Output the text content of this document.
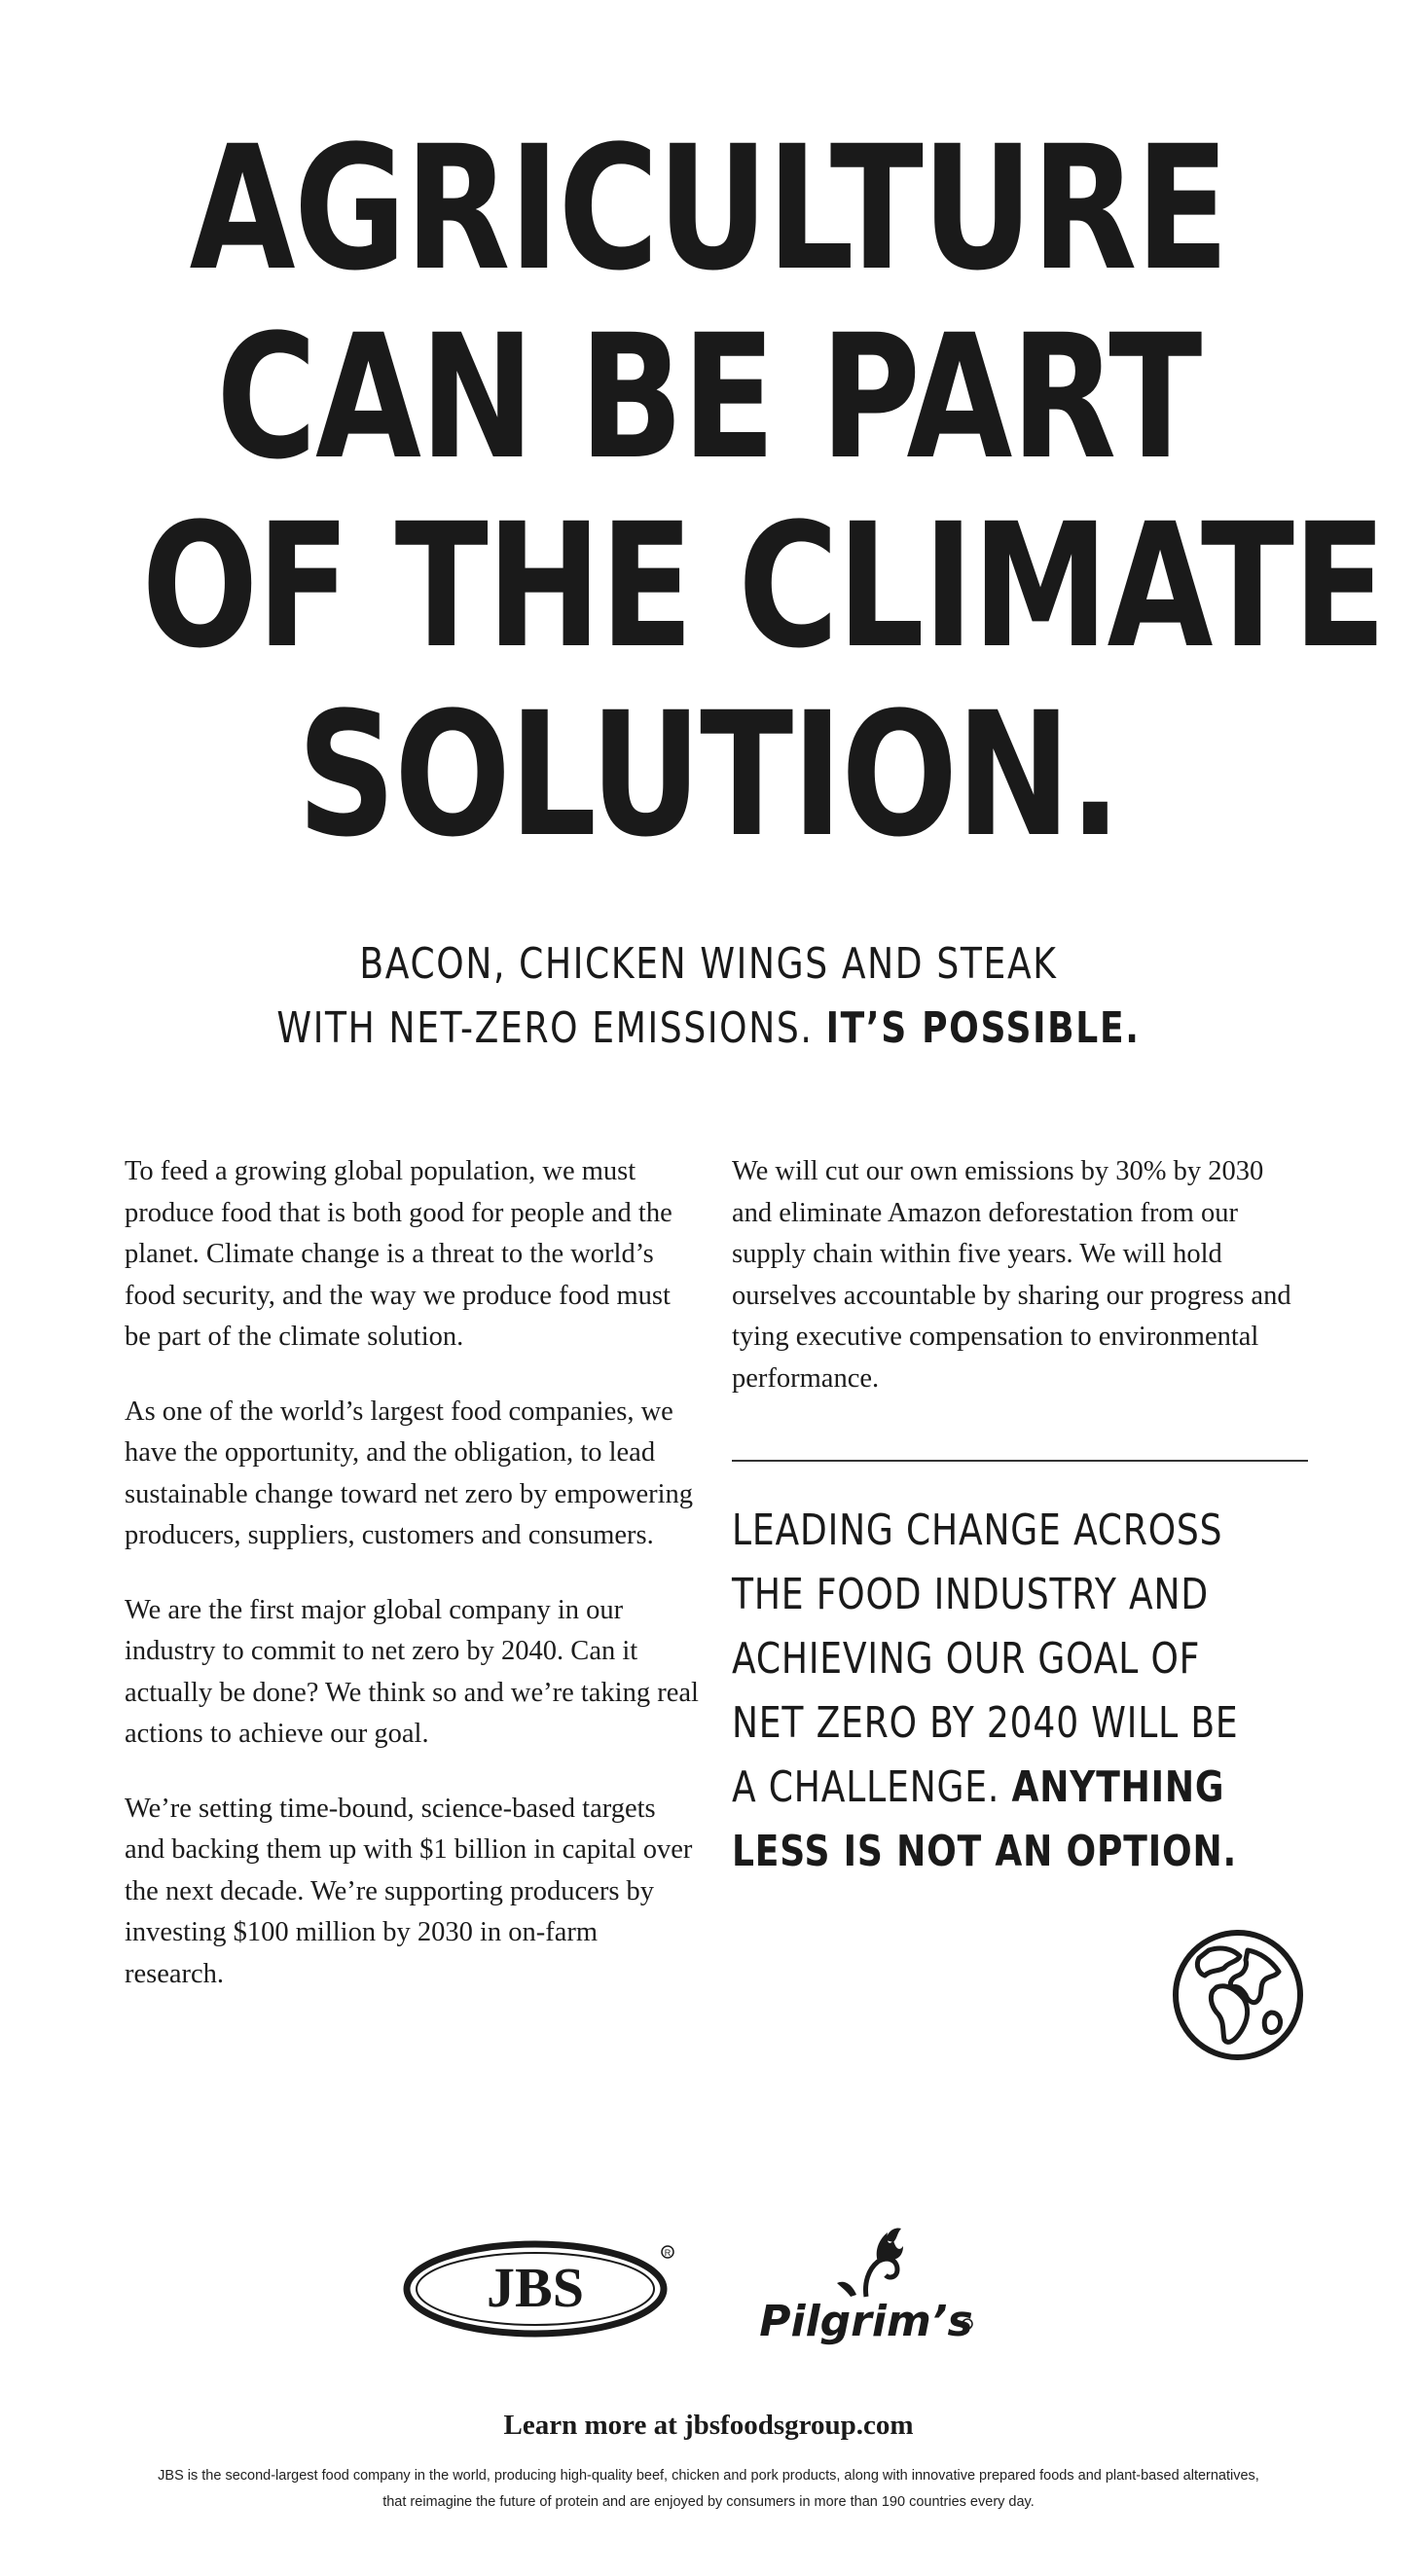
AGRICULTURE
CAN BE PART
OF THE CLIMATE
SOLUTION.
BACON, CHICKEN WINGS AND STEAK
WITH NET-ZERO EMISSIONS. IT’S POSSIBLE.

To feed a growing global population, we must produce food that is both good for people and the planet. Climate change is a threat to the world’s food security, and the way we produce food must be part of the climate solution.

As one of the world’s largest food companies, we have the opportunity, and the obligation, to lead sustainable change toward net zero by empowering producers, suppliers, customers and consumers.

We are the first major global company in our industry to commit to net zero by 2040. Can it actually be done? We think so and we’re taking real actions to achieve our goal.

We’re setting time-bound, science-based targets and backing them up with $1 billion in capital over the next decade. We’re supporting producers by investing $100 million by 2030 in on-farm research.

We will cut our own emissions by 30% by 2030 and eliminate Amazon deforestation from our supply chain within five years. We will hold ourselves accountable by sharing our progress and tying executive compensation to environmental performance.

LEADING CHANGE ACROSS
THE FOOD INDUSTRY AND
ACHIEVING OUR GOAL OF
NET ZERO BY 2040 WILL BE
A CHALLENGE. ANYTHING
LESS IS NOT AN OPTION.
JBS
R
Pilgrim’s
Learn more at jbsfoodsgroup.com
JBS is the second-largest food company in the world, producing high-quality beef, chicken and pork products, along with innovative prepared foods and plant-based alternatives,
that reimagine the future of protein and are enjoyed by consumers in more than 190 countries every day.
